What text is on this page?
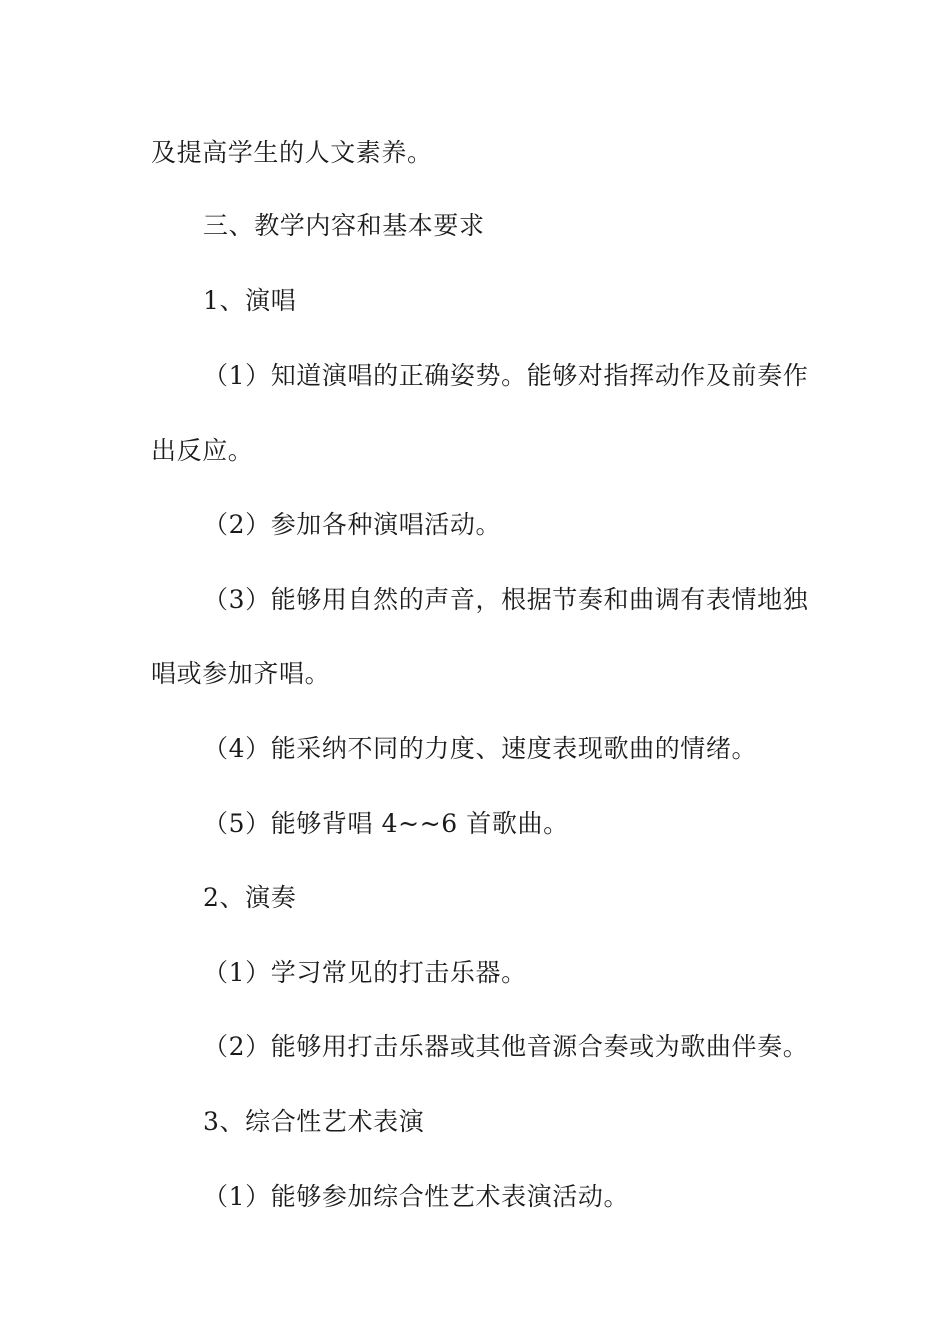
及提高学生的人文素养。
三、教学内容和基本要求
1、演唱
（1）知道演唱的正确姿势。能够对指挥动作及前奏作
出反应。
（2）参加各种演唱活动。
（3）能够用自然的声音，根据节奏和曲调有表情地独
唱或参加齐唱。
（4）能采纳不同的力度、速度表现歌曲的情绪。
（5）能够背唱 4~~6 首歌曲。
2、演奏
（1）学习常见的打击乐器。
（2）能够用打击乐器或其他音源合奏或为歌曲伴奏。
3、综合性艺术表演
（1）能够参加综合性艺术表演活动。
